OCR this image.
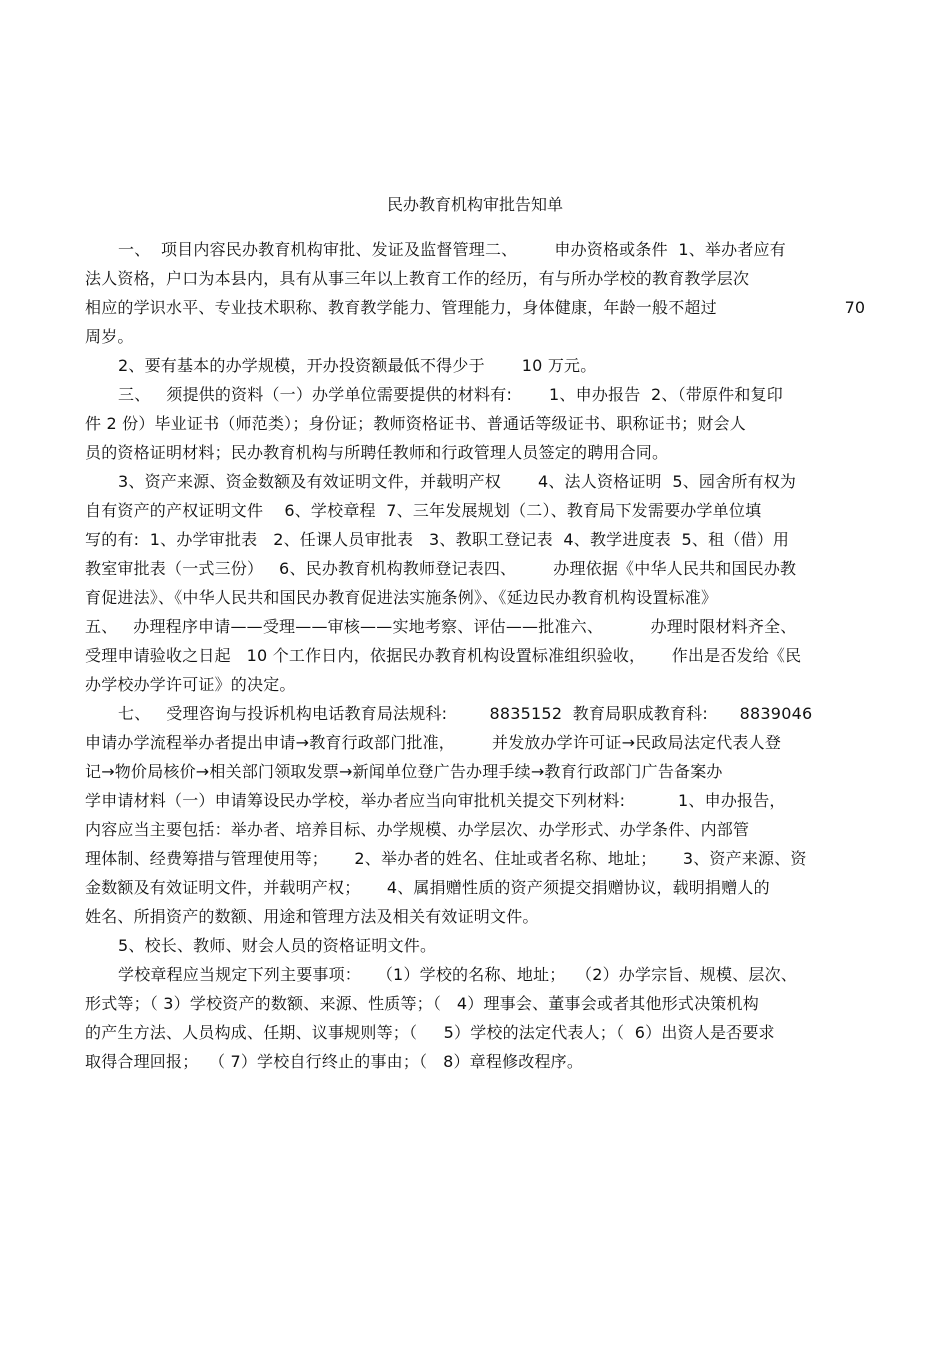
民办教育机构审批告知单
一、  项目内容民办教育机构审批、发证及监督管理二、       申办资格或条件  1、举办者应有
法人资格，户口为本县内，具有从事三年以上教育工作的经历，有与所办学校的教育教学层次
相应的学识水平、专业技术职称、教育教学能力、管理能力，身体健康，年龄一般不超过	70
周岁。
2、要有基本的办学规模，开办投资额最低不得少于       10 万元。
三、   须提供的资料（一）办学单位需要提供的材料有:       1、申办报告  2、（带原件和复印
件 2 份）毕业证书（师范类）；身份证；教师资格证书、普通话等级证书、职称证书；财会人
员的资格证明材料；民办教育机构与所聘任教师和行政管理人员签定的聘用合同。
3、资产来源、资金数额及有效证明文件，并载明产权       4、法人资格证明  5、园舍所有权为
自有资产的产权证明文件    6、学校章程  7、三年发展规划（二）、教育局下发需要办学单位填
写的有:  1、办学审批表   2、任课人员审批表   3、教职工登记表  4、教学进度表  5、租（借）用
教室审批表（一式三份）   6、民办教育机构教师登记表四、       办理依据《中华人民共和国民办教
育促进法》、《中华人民共和国民办教育促进法实施条例》、《延边民办教育机构设置标准》
五、   办理程序申请——受理——审核——实地考察、评估——批准六、         办理时限材料齐全、
受理申请验收之日起   10 个工作日内，依据民办教育机构设置标准组织验收，     作出是否发给《民
办学校办学许可证》的决定。
七、   受理咨询与投诉机构电话教育局法规科:        8835152  教育局职成教育科:      8839046
申请办学流程举办者提出申请→教育行政部门批准，       并发放办学许可证→民政局法定代表人登
记→物价局核价→相关部门领取发票→新闻单位登广告办理手续→教育行政部门广告备案办
学申请材料（一）申请筹设民办学校，举办者应当向审批机关提交下列材料:          1、申办报告，
内容应当主要包括：举办者、培养目标、办学规模、办学层次、办学形式、办学条件、内部管
理体制、经费筹措与管理使用等；     2、举办者的姓名、住址或者名称、地址；     3、资产来源、资
金数额及有效证明文件，并载明产权；     4、属捐赠性质的资产须提交捐赠协议，载明捐赠人的
姓名、所捐资产的数额、用途和管理方法及相关有效证明文件。
5、校长、教师、财会人员的资格证明文件。
学校章程应当规定下列主要事项：   （1）学校的名称、地址；  （2）办学宗旨、规模、层次、
形式等；（ 3）学校资产的数额、来源、性质等；（   4）理事会、董事会或者其他形式决策机构
的产生方法、人员构成、任期、议事规则等；（     5）学校的法定代表人；（  6）出资人是否要求
取得合理回报；  （ 7）学校自行终止的事由；（   8）章程修改程序。
